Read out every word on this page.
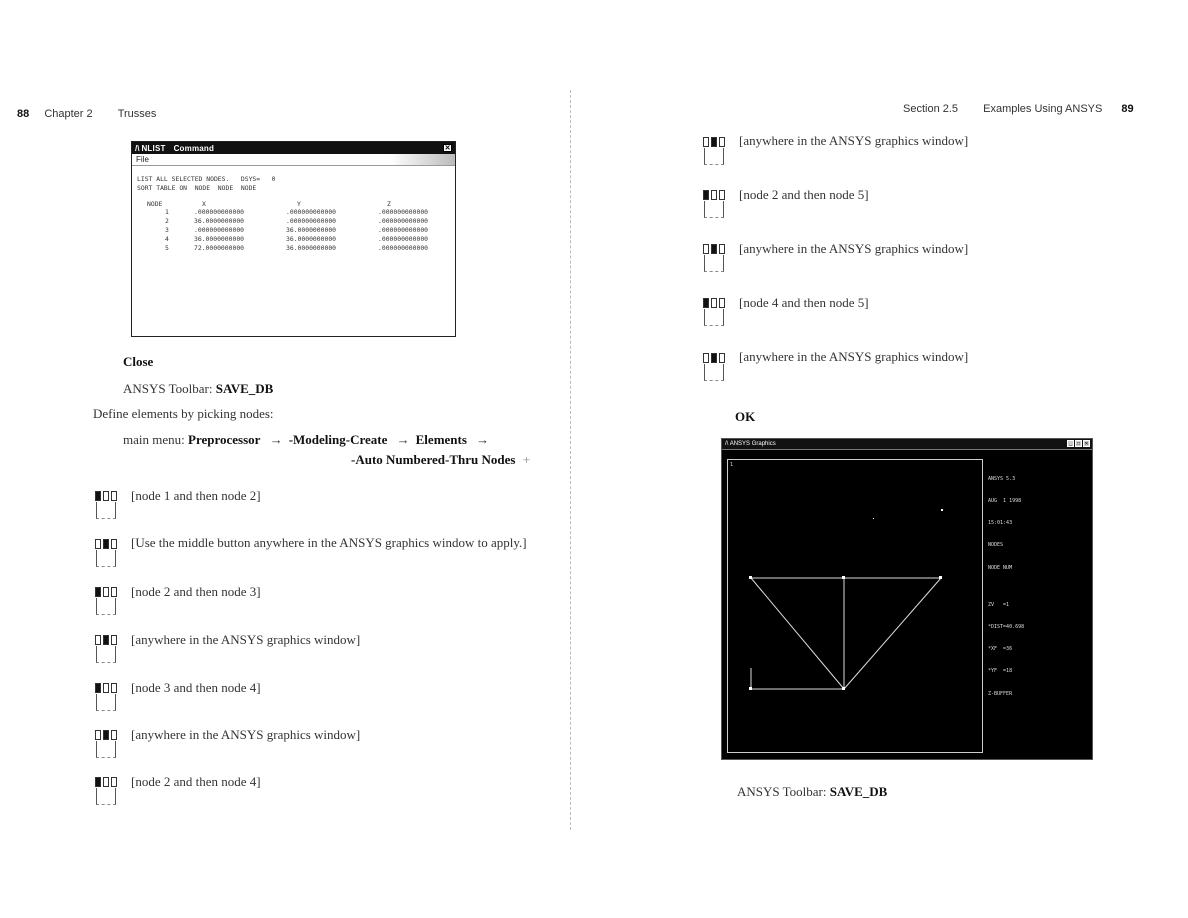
88 Chapter 2 Trusses	Section 2.5 Examples Using ANSYS 89
/\ NLIST Command	✕
File
LIST ALL SELECTED NODES.   DSYS=   0
SORT TABLE ON  NODE  NODE  NODE
NODE	X	Y	Z
1	.000000000000	.000000000000	.000000000000
2	36.0000000000	.000000000000	.000000000000
3	.000000000000	36.0000000000	.000000000000
4	36.0000000000	36.0000000000	.000000000000
5	72.0000000000	36.0000000000	.000000000000
Close
ANSYS Toolbar: SAVE_DB
Define elements by picking nodes:
main menu: Preprocessor → -Modeling-Create → Elements →
-Auto Numbered-Thru Nodes +
[node 1 and then node 2]
[Use the middle button anywhere in the ANSYS graphics window to apply.]
[node 2 and then node 3]
[anywhere in the ANSYS graphics window]
[node 3 and then node 4]
[anywhere in the ANSYS graphics window]
[node 2 and then node 4]
[anywhere in the ANSYS graphics window]
[node 2 and then node 5]
[anywhere in the ANSYS graphics window]
[node 4 and then node 5]
[anywhere in the ANSYS graphics window]
OK
/\ ANSYS Graphics	_	□ ✕
1

ANSYS 5.3

AUG  1 1998

15:01:43

NODES

NODE NUM

ZV   =1

*DIST=40.698

*XF  =36

*YF  =18

Z-BUFFER

ANSYS Toolbar: SAVE_DB
